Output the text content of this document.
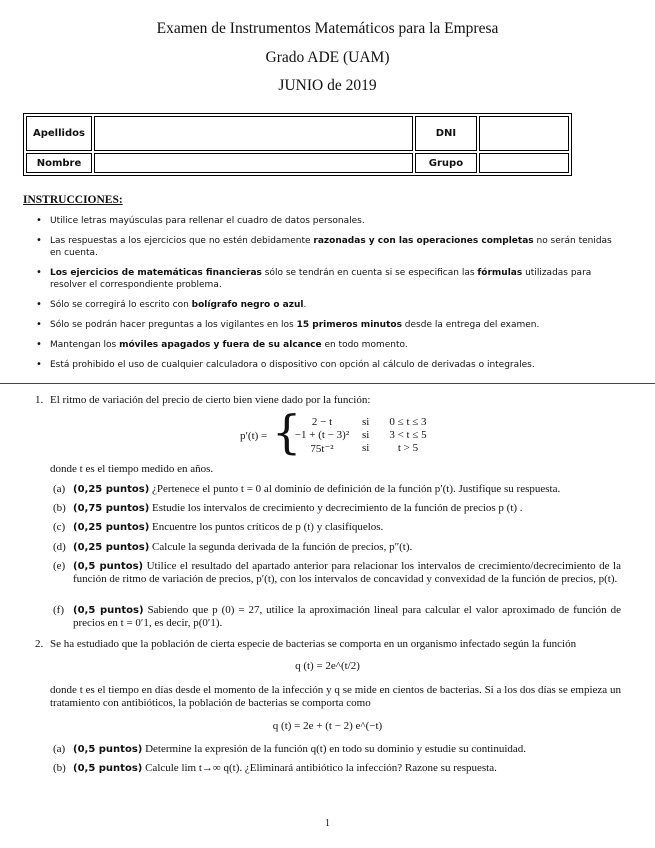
Examen de Instrumentos Matemáticos para la Empresa
Grado ADE (UAM)
JUNIO de 2019
Apellidos		DNI	
Nombre		Grupo	
INSTRUCCIONES:
• Utilice letras mayúsculas para rellenar el cuadro de datos personales.
• Las respuestas a los ejercicios que no estén debidamente razonadas y con las operaciones completas no serán tenidas en cuenta.
• Los ejercicios de matemáticas financieras sólo se tendrán en cuenta si se especifican las fórmulas utilizadas para resolver el correspondiente problema.
• Sólo se corregirá lo escrito con bolígrafo negro o azul.
• Sólo se podrán hacer preguntas a los vigilantes en los 15 primeros minutos desde la entrega del examen.
• Mantengan los móviles apagados y fuera de su alcance en todo momento.
• Está prohibido el uso de cualquier calculadora o dispositivo con opción al cálculo de derivadas o integrales.
1. El ritmo de variación del precio de cierto bien viene dado por la función:
p′(t) = { 2 − t	si	0 ≤ t ≤ 3
−1 + (t − 3)²	si	3 < t ≤ 5
75t⁻²	si	t > 5
donde t es el tiempo medido en años.
(a) (0,25 puntos) ¿Pertenece el punto t = 0 al dominio de definición de la función p′(t). Justifique su respuesta.
(b) (0,75 puntos) Estudie los intervalos de crecimiento y decrecimiento de la función de precios p (t) .
(c) (0,25 puntos) Encuentre los puntos críticos de p (t) y clasifíquelos.
(d) (0,25 puntos) Calcule la segunda derivada de la función de precios, p″(t).
(e) (0,5 puntos) Utilice el resultado del apartado anterior para relacionar los intervalos de crecimiento/decrecimiento de la función de ritmo de variación de precios, p′(t), con los intervalos de concavidad y convexidad de la función de precios, p(t).
(f) (0,5 puntos) Sabiendo que p (0) = 27, utilice la aproximación lineal para calcular el valor aproximado de función de precios en t = 0′1, es decir, p(0′1).
2. Se ha estudiado que la población de cierta especie de bacterias se comporta en un organismo infectado según la función
q (t) = 2e^(t/2)
donde t es el tiempo en días desde el momento de la infección y q se mide en cientos de bacterias. Si a los dos días se empieza un tratamiento con antibióticos, la población de bacterias se comporta como
q (t) = 2e + (t − 2) e^(−t)
(a) (0,5 puntos) Determine la expresión de la función q(t) en todo su dominio y estudie su continuidad.
(b) (0,5 puntos) Calcule lim t→∞ q(t). ¿Eliminará antibiótico la infección? Razone su respuesta.
1
